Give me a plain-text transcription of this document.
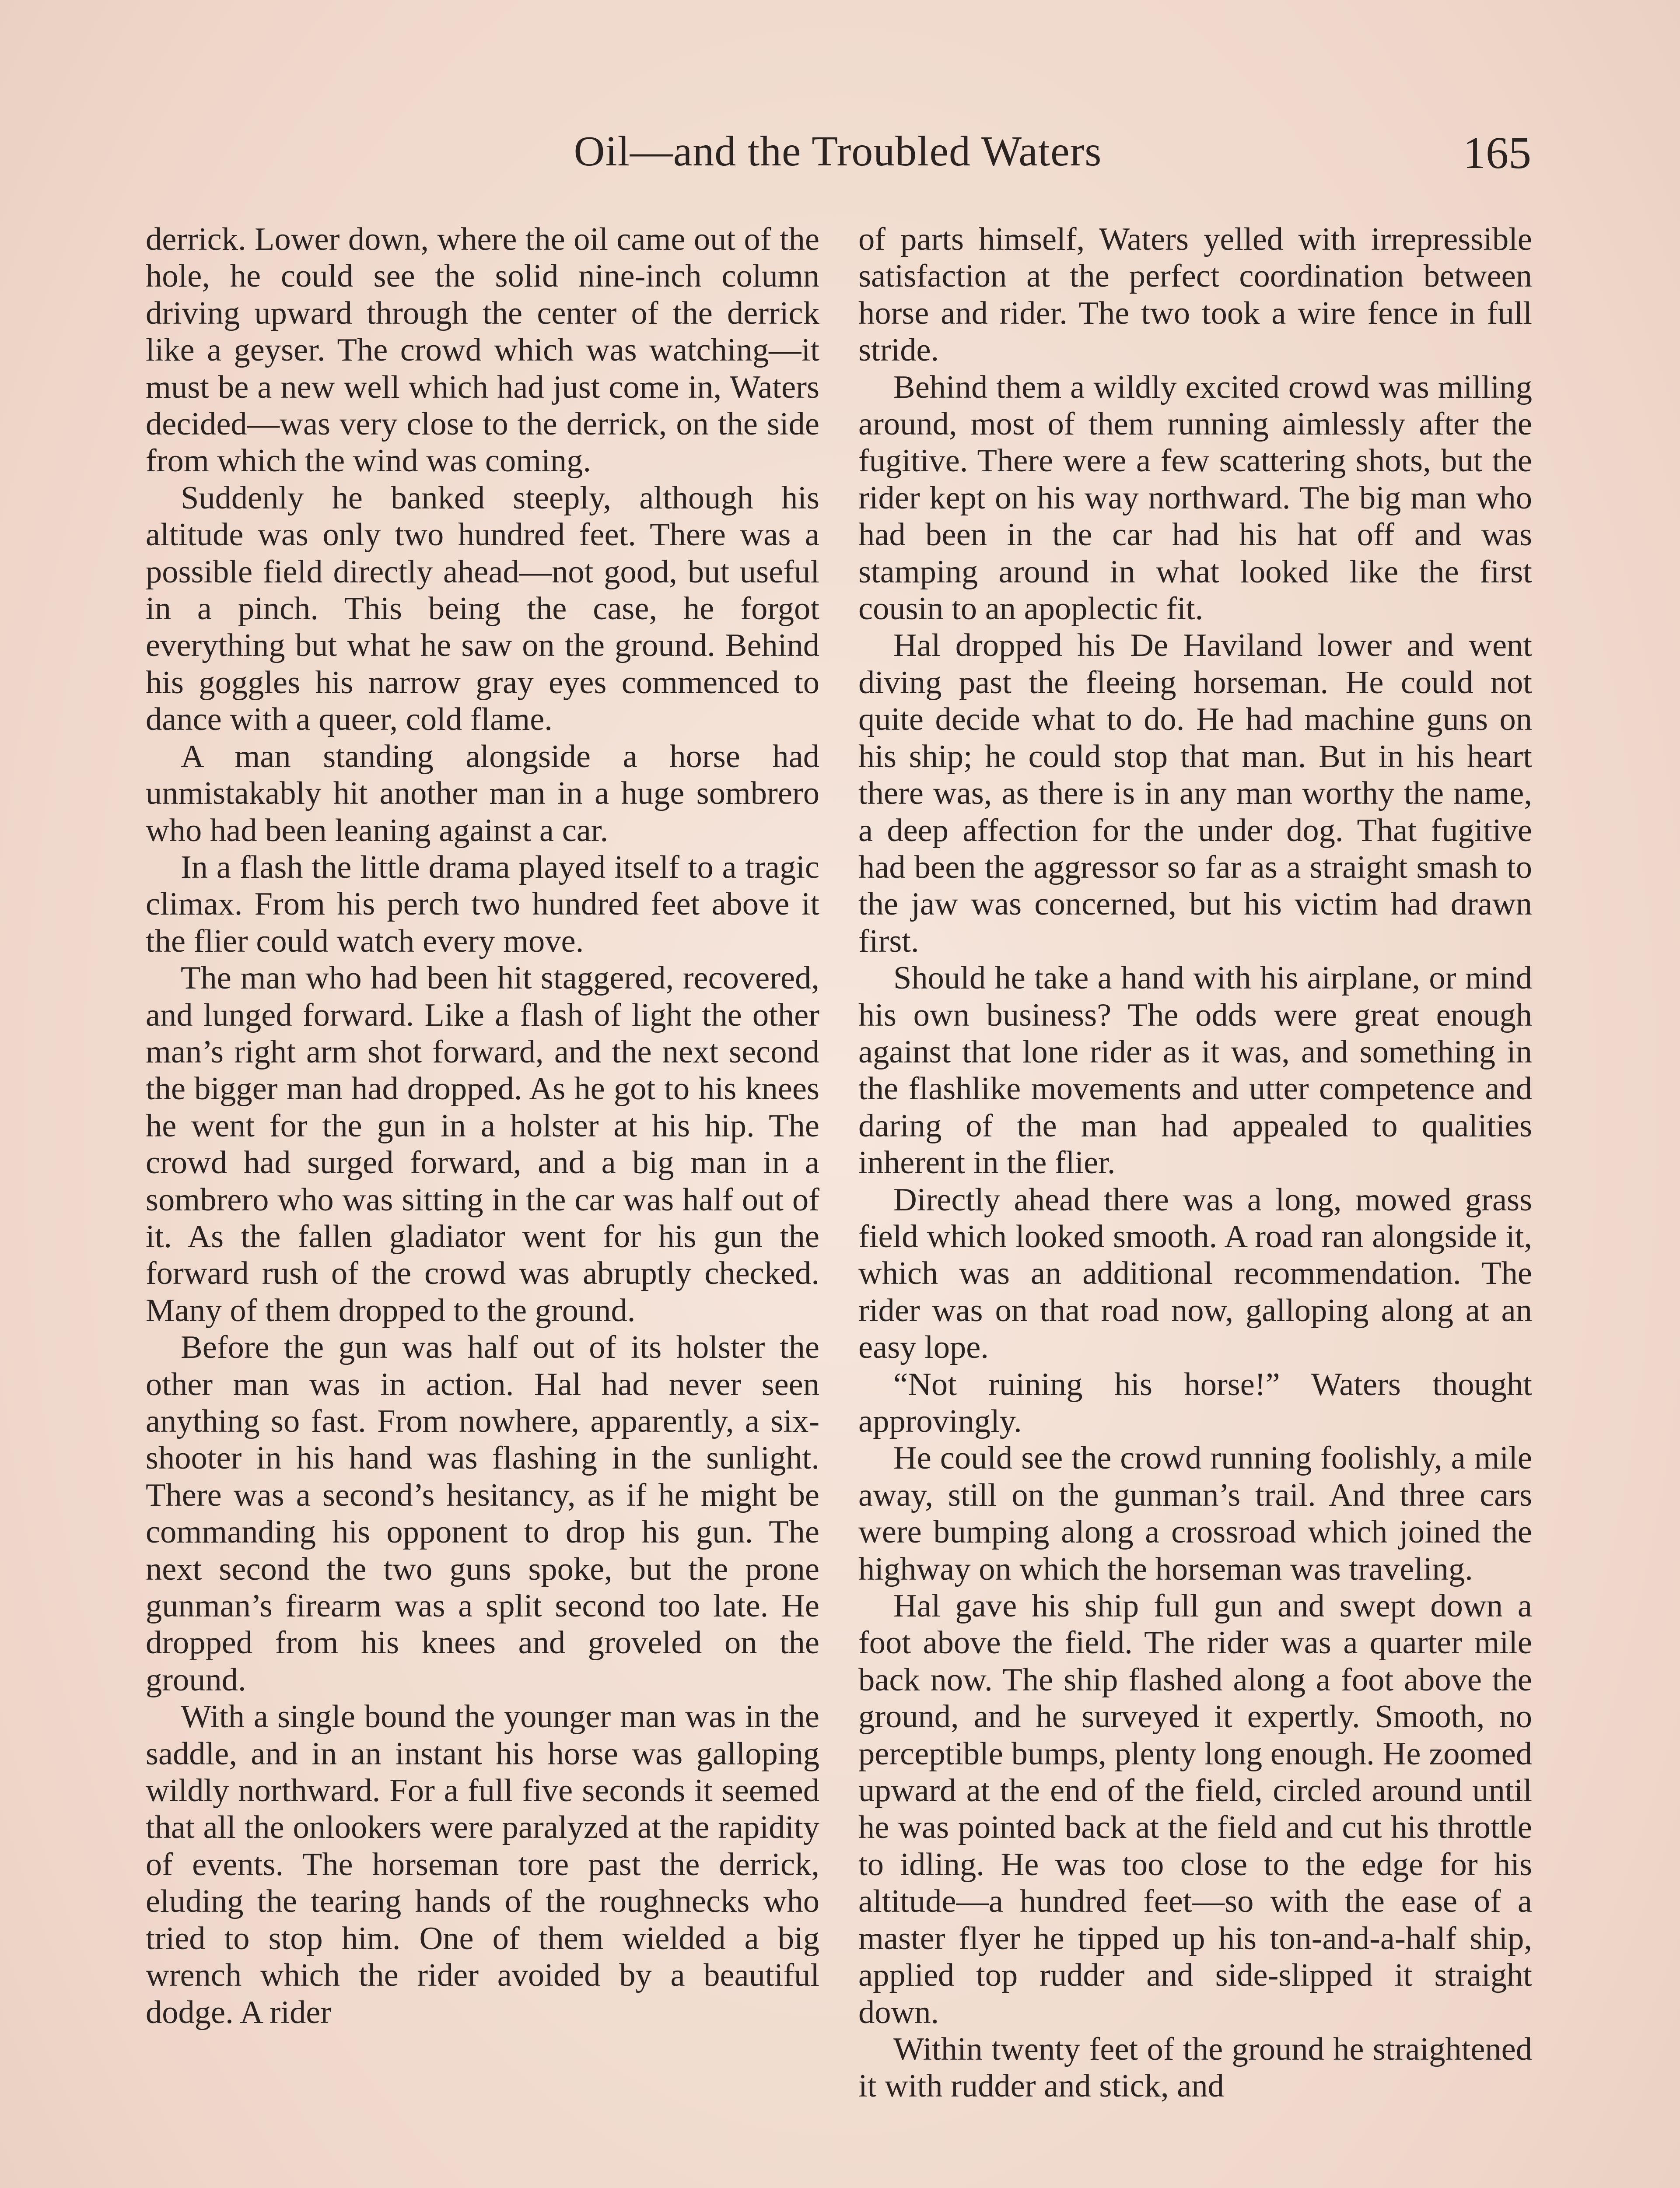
Oil—and the Troubled Waters	165

derrick. Lower down, where the oil came out of the hole, he could see the solid nine-inch column driving upward through the center of the derrick like a geyser. The crowd which was watching—it must be a new well which had just come in, Waters decided—was very close to the derrick, on the side from which the wind was coming.

Suddenly he banked steeply, although his altitude was only two hundred feet. There was a possible field directly ahead—not good, but useful in a pinch. This being the case, he forgot everything but what he saw on the ground. Behind his goggles his narrow gray eyes commenced to dance with a queer, cold flame.

A man standing alongside a horse had unmistakably hit another man in a huge sombrero who had been leaning against a car.

In a flash the little drama played itself to a tragic climax. From his perch two hundred feet above it the flier could watch every move.

The man who had been hit staggered, recovered, and lunged forward. Like a flash of light the other man’s right arm shot forward, and the next second the bigger man had dropped. As he got to his knees he went for the gun in a holster at his hip. The crowd had surged forward, and a big man in a sombrero who was sitting in the car was half out of it. As the fallen gladiator went for his gun the forward rush of the crowd was abruptly checked. Many of them dropped to the ground.

Before the gun was half out of its holster the other man was in action. Hal had never seen anything so fast. From nowhere, apparently, a six-shooter in his hand was flashing in the sunlight. There was a second’s hesitancy, as if he might be commanding his opponent to drop his gun. The next second the two guns spoke, but the prone gunman’s firearm was a split second too late. He dropped from his knees and groveled on the ground.

With a single bound the younger man was in the saddle, and in an instant his horse was galloping wildly northward. For a full five seconds it seemed that all the onlookers were paralyzed at the rapidity of events. The horseman tore past the derrick, eluding the tearing hands of the roughnecks who tried to stop him. One of them wielded a big wrench which the rider avoided by a beautiful dodge. A rider

of parts himself, Waters yelled with irrepressible satisfaction at the perfect coordination between horse and rider. The two took a wire fence in full stride.

Behind them a wildly excited crowd was milling around, most of them running aimlessly after the fugitive. There were a few scattering shots, but the rider kept on his way northward. The big man who had been in the car had his hat off and was stamping around in what looked like the first cousin to an apoplectic fit.

Hal dropped his De Haviland lower and went diving past the fleeing horseman. He could not quite decide what to do. He had machine guns on his ship; he could stop that man. But in his heart there was, as there is in any man worthy the name, a deep affection for the under dog. That fugitive had been the aggressor so far as a straight smash to the jaw was concerned, but his victim had drawn first.

Should he take a hand with his airplane, or mind his own business? The odds were great enough against that lone rider as it was, and something in the flashlike movements and utter competence and daring of the man had appealed to qualities inherent in the flier.

Directly ahead there was a long, mowed grass field which looked smooth. A road ran alongside it, which was an additional recommendation. The rider was on that road now, galloping along at an easy lope.

“Not ruining his horse!” Waters thought approvingly.

He could see the crowd running foolishly, a mile away, still on the gunman’s trail. And three cars were bumping along a crossroad which joined the highway on which the horseman was traveling.

Hal gave his ship full gun and swept down a foot above the field. The rider was a quarter mile back now. The ship flashed along a foot above the ground, and he surveyed it expertly. Smooth, no perceptible bumps, plenty long enough. He zoomed upward at the end of the field, circled around until he was pointed back at the field and cut his throttle to idling. He was too close to the edge for his altitude—a hundred feet—so with the ease of a master flyer he tipped up his ton-and-a-half ship, applied top rudder and side-slipped it straight down.

Within twenty feet of the ground he straightened it with rudder and stick, and
